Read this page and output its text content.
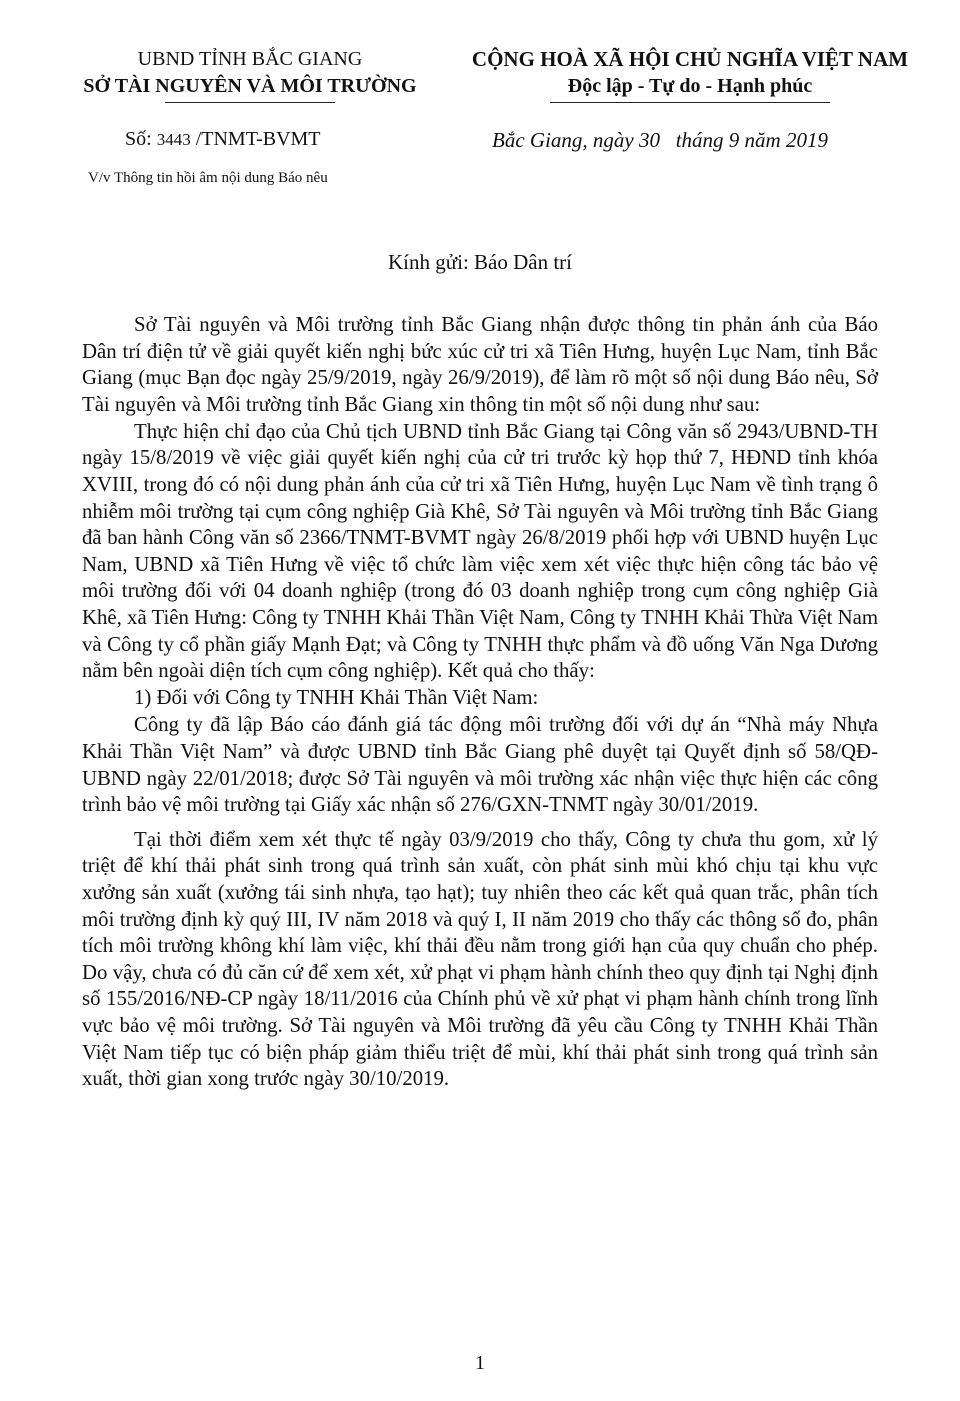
UBND TỈNH BẮC GIANG
SỞ TÀI NGUYÊN VÀ MÔI TRƯỜNG
CỘNG HOÀ XÃ HỘI CHỦ NGHĨA VIỆT NAM
Độc lập - Tự do - Hạnh phúc
Số: 3443 /TNMT-BVMT
V/v Thông tin hồi âm nội dung Báo nêu
Bắc Giang, ngày 30   tháng 9 năm 2019
Kính gửi: Báo Dân trí

Sở Tài nguyên và Môi trường tỉnh Bắc Giang nhận được thông tin phản ánh của Báo Dân trí điện tử về giải quyết kiến nghị bức xúc cử tri xã Tiên Hưng, huyện Lục Nam, tỉnh Bắc Giang (mục Bạn đọc ngày 25/9/2019, ngày 26/9/2019), để làm rõ một số nội dung Báo nêu, Sở Tài nguyên và Môi trường tỉnh Bắc Giang xin thông tin một số nội dung như sau:

Thực hiện chỉ đạo của Chủ tịch UBND tỉnh Bắc Giang tại Công văn số 2943/UBND-TH ngày 15/8/2019 về việc giải quyết kiến nghị của cử tri trước kỳ họp thứ 7, HĐND tỉnh khóa XVIII, trong đó có nội dung phản ánh của cử tri xã Tiên Hưng, huyện Lục Nam về tình trạng ô nhiễm môi trường tại cụm công nghiệp Già Khê, Sở Tài nguyên và Môi trường tỉnh Bắc Giang đã ban hành Công văn số 2366/TNMT-BVMT ngày 26/8/2019 phối hợp với UBND huyện Lục Nam, UBND xã Tiên Hưng về việc tổ chức làm việc xem xét việc thực hiện công tác bảo vệ môi trường đối với 04 doanh nghiệp (trong đó 03 doanh nghiệp trong cụm công nghiệp Già Khê, xã Tiên Hưng: Công ty TNHH Khải Thần Việt Nam, Công ty TNHH Khải Thừa Việt Nam và Công ty cổ phần giấy Mạnh Đạt; và Công ty TNHH thực phẩm và đồ uống Văn Nga Dương nằm bên ngoài diện tích cụm công nghiệp). Kết quả cho thấy:

1) Đối với Công ty TNHH Khải Thần Việt Nam:

Công ty đã lập Báo cáo đánh giá tác động môi trường đối với dự án “Nhà máy Nhựa Khải Thần Việt Nam” và được UBND tỉnh Bắc Giang phê duyệt tại Quyết định số 58/QĐ-UBND ngày 22/01/2018; được Sở Tài nguyên và môi trường xác nhận việc thực hiện các công trình bảo vệ môi trường tại Giấy xác nhận số 276/GXN-TNMT ngày 30/01/2019.

Tại thời điểm xem xét thực tế ngày 03/9/2019 cho thấy, Công ty chưa thu gom, xử lý triệt để khí thải phát sinh trong quá trình sản xuất, còn phát sinh mùi khó chịu tại khu vực xưởng sản xuất (xưởng tái sinh nhựa, tạo hạt); tuy nhiên theo các kết quả quan trắc, phân tích môi trường định kỳ quý III, IV năm 2018 và quý I, II năm 2019 cho thấy các thông số đo, phân tích môi trường không khí làm việc, khí thải đều nằm trong giới hạn của quy chuẩn cho phép. Do vậy, chưa có đủ căn cứ để xem xét, xử phạt vi phạm hành chính theo quy định tại Nghị định số 155/2016/NĐ-CP ngày 18/11/2016 của Chính phủ về xử phạt vi phạm hành chính trong lĩnh vực bảo vệ môi trường. Sở Tài nguyên và Môi trường đã yêu cầu Công ty TNHH Khải Thần Việt Nam tiếp tục có biện pháp giảm thiểu triệt để mùi, khí thải phát sinh trong quá trình sản xuất, thời gian xong trước ngày 30/10/2019.

1
